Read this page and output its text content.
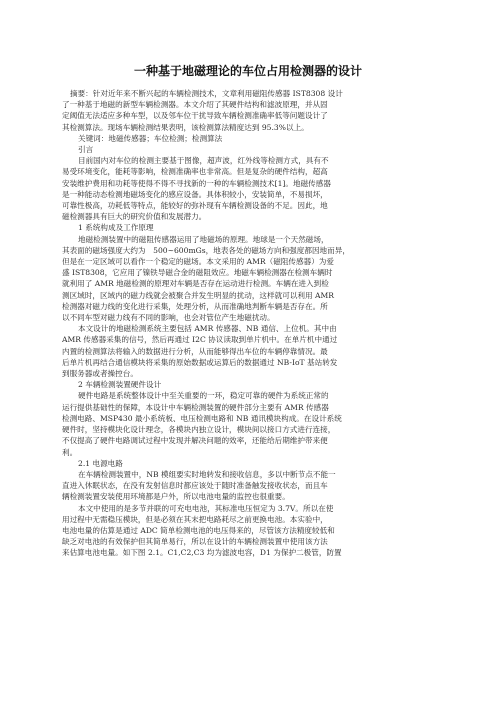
一种基于地磁理论的车位占用检测器的设计

摘要：针对近年来不断兴起的车辆检测技术，文章利用磁阻传感器 IST8308 设计

了一种基于地磁的新型车辆检测器。本文介绍了其硬件结构和滤波原理，并从固

定阈值无法适应多种车型，以及邻车位干扰导致车辆检测准确率低等问题设计了

其检测算法。现场车辆检测结果表明，该检测算法精度达到 95.3%以上。

关键词：地磁传感器；车位检测；检测算法

引言

目前国内对车位的检测主要基于图像，超声波，红外线等检测方式，具有不

易受环境变化，能耗等影响，检测准确率也非常高。但是复杂的硬件结构，超高

安装维护费用和功耗等使得不得不寻找新的一种的车辆检测技术[1]。地磁传感器

是一种能动态检测地磁场变化的感应设备。具体积较小，安装简单，不易损坏，

可靠性极高，功耗低等特点，能较好的弥补现有车辆检测设备的不足。因此，地

磁检测器具有巨大的研究价值和发展潜力。

1 系统构成及工作原理

地磁检测装置中的磁阻传感器运用了地磁场的原理。地球是一个天然磁场，

其表面的磁场强度大约为　500~600mGs，地表各处的磁场方向和强度都因地而异，

但是在一定区域可以看作一个稳定的磁场。本文采用的 AMR（磁阻传感器）为爱

盛 IST8308，它应用了镍铁导磁合金的磁阻效应。地磁车辆检测器在检测车辆时

就利用了 AMR 地磁检测的原理对车辆是否存在运动进行检测。车辆在进入到检

测区域时，区域内的磁力线就会被聚合并发生明显的扰动，这样就可以利用 AMR

检测器对磁力线的变化进行采集，处理分析，从而准确地判断车辆是否存在。所

以不同车型对磁力线有不同的影响，也会对管位产生地磁扰动。

本文设计的地磁检测系统主要包括 AMR 传感器、NB 通信、上位机。其中由

AMR 传感器采集的信号，然后再通过 I2C 协议读取到单片机中。在单片机中通过

内置的检测算法将输入的数据进行分析，从而能够得出车位的车辆停靠情况。最

后单片机再结合通信模块将采集的原始数据或运算后的数据通过 NB-IoT 基站转发

到服务器或者操控台。

2 车辆检测装置硬件设计

硬件电路是系统整体设计中至关重要的一环，稳定可靠的硬件为系统正常的

运行提供基础性的保障，本设计中车辆检测装置的硬件部分主要有 AMR 传感器

检测电路、MSP430 最小系统板、电压检测电路和 NB 通讯模块构成。在设计系统

硬件时，坚持模块化设计理念，各模块内独立设计，模块间以接口方式进行连接，

不仅提高了硬件电路调试过程中发现并解决问题的效率，还能给后期维护带来便

利。

2.1 电源电路

在车辆检测装置中，NB 模组要实时地转发和接收信息，多以中断节点不能一

直进入休眠状态，在没有发射信息时都应该处于随时准备触发接收状态，而且车

辆检测装置安装使用环境都是户外，所以电池电量的监控也很重要。

本文中使用的是多节并联的可充电电池，其标准电压恒定为 3.7V。所以在使

用过程中无需稳压模块，但是必须在其末把电路耗尽之前更换电池。本实验中，

电池电量的估算是通过 ADC 简单检测电池的电压得来的，尽管该方法精度较低和

缺乏对电池的有效保护但其简单易行，所以在设计的车辆检测装置中使用该方法

来估算电池电量。如下图 2.1。C1,C2,C3 均为滤波电容，D1 为保护二极管，防置
